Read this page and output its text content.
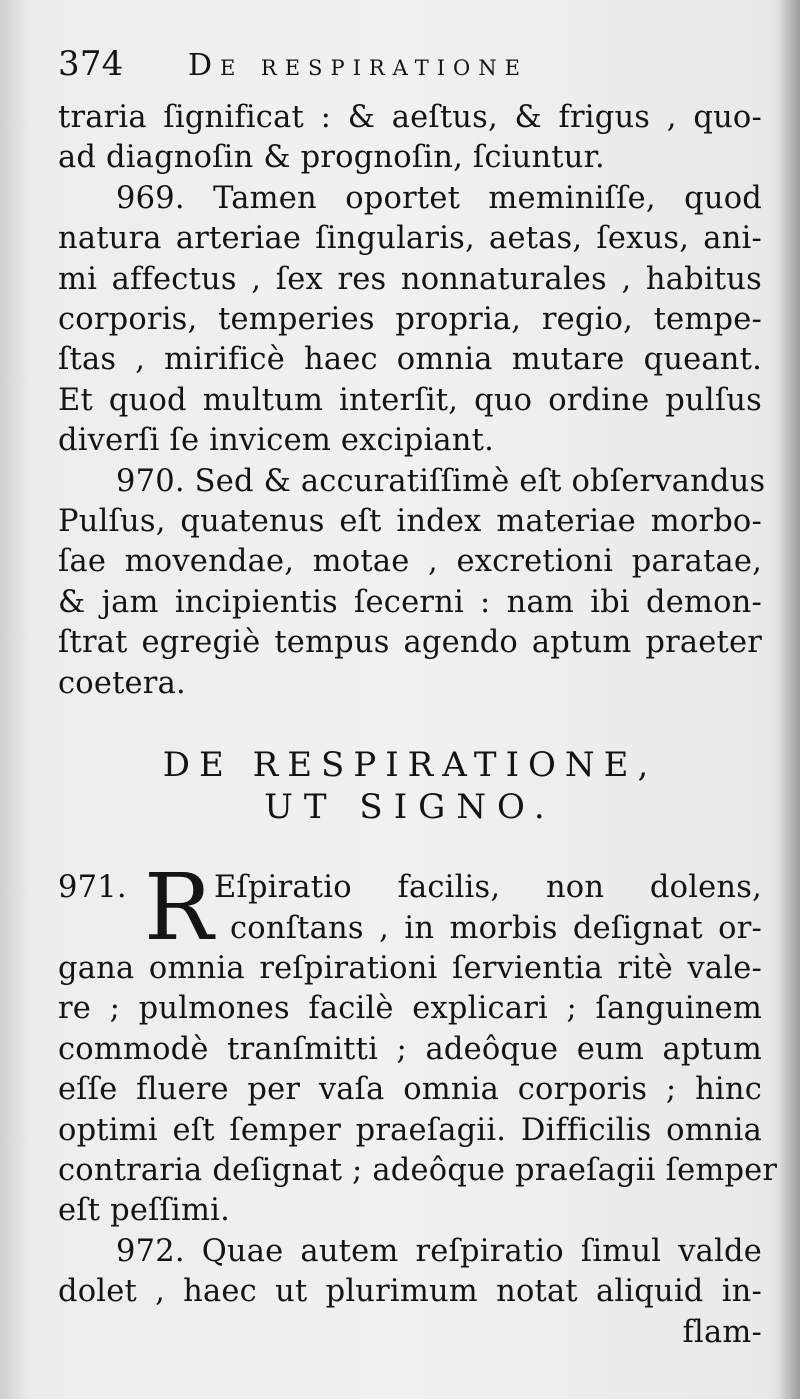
374	De respiratione
traria ſignificat : & aeſtus, & frigus , quo-
ad diagnoſin & prognoſin, ſciuntur.
969. Tamen oportet meminiſſe, quod
natura arteriae ſingularis, aetas, ſexus, ani-
mi affectus , ſex res nonnaturales , habitus
corporis, temperies propria, regio, tempe-
ſtas , mirificè haec omnia mutare queant.
Et quod multum interſit, quo ordine pulſus
diverſi ſe invicem excipiant.
970. Sed & accuratiſſimè eſt obſervandus
Pulſus, quatenus eſt index materiae morbo-
ſae movendae, motae , excretioni paratae,
& jam incipientis ſecerni : nam ibi demon-
ſtrat egregiè tempus agendo aptum praeter
coetera.
DE RESPIRATIONE,
UT SIGNO.
971.	Eſpiratio facilis, non dolens,
R conſtans , in morbis deſignat or-
gana omnia reſpirationi ſervientia ritè vale-
re ; pulmones facilè explicari ; ſanguinem
commodè tranſmitti ; adeôque eum aptum
eſſe fluere per vaſa omnia corporis ; hinc
optimi eſt ſemper praeſagii. Difficilis omnia
contraria deſignat ; adeôque praeſagii ſemper
eſt peſſimi.
972. Quae autem reſpiratio ſimul valde
dolet , haec ut plurimum notat aliquid in-
flam-
